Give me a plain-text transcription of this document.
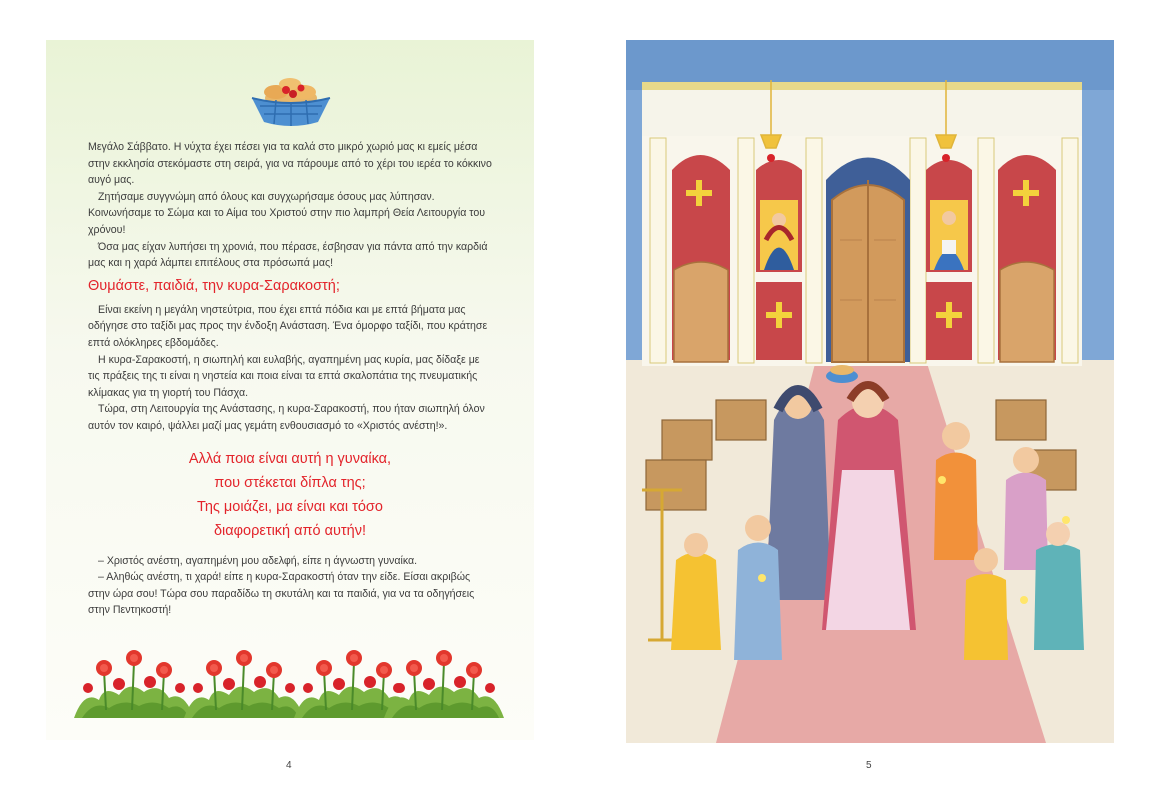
Μεγάλο Σάββατο. Η νύχτα έχει πέσει για τα καλά στο μικρό χωριό μας κι εμείς μέσα στην εκκλησία στεκόμαστε στη σειρά, για να πάρουμε από το χέρι του ιερέα το κόκκινο αυγό μας.

Ζητήσαμε συγγνώμη από όλους και συγχωρήσαμε όσους μας λύπησαν. Κοινωνήσαμε το Σώμα και το Αίμα του Χριστού στην πιο λαμπρή Θεία Λειτουργία του χρόνου!

Όσα μας είχαν λυπήσει τη χρονιά, που πέρασε, έσβησαν για πάντα από την καρδιά μας και η χαρά λάμπει επιτέλους στα πρόσωπά μας!

Θυμάστε, παιδιά, την κυρα-Σαρακοστή;

Είναι εκείνη η μεγάλη νηστεύτρια, που έχει επτά πόδια και με επτά βήματα μας οδήγησε στο ταξίδι μας προς την ένδοξη Ανάσταση. Ένα όμορφο ταξίδι, που κράτησε επτά ολόκληρες εβδομάδες.

Η κυρα-Σαρακοστή, η σιωπηλή και ευλαβής, αγαπημένη μας κυρία, μας δίδαξε με τις πράξεις της τι είναι η νηστεία και ποια είναι τα επτά σκαλοπάτια της πνευματικής κλίμακας για τη γιορτή του Πάσχα.

Τώρα, στη Λειτουργία της Ανάστασης, η κυρα-Σαρακοστή, που ήταν σιωπηλή όλον αυτόν τον καιρό, ψάλλει μαζί μας γεμάτη ενθουσιασμό το «Χριστός ανέστη!».

Αλλά ποια είναι αυτή η γυναίκα,
που στέκεται δίπλα της;
Της μοιάζει, μα είναι και τόσο
διαφορετική από αυτήν!

– Χριστός ανέστη, αγαπημένη μου αδελφή, είπε η άγνωστη γυναίκα.

– Αληθώς ανέστη, τι χαρά! είπε η κυρα-Σαρακοστή όταν την είδε. Είσαι ακριβώς στην ώρα σου! Τώρα σου παραδίδω τη σκυτάλη και τα παιδιά, για να τα οδηγήσεις στην Πεντηκοστή!

4	5
